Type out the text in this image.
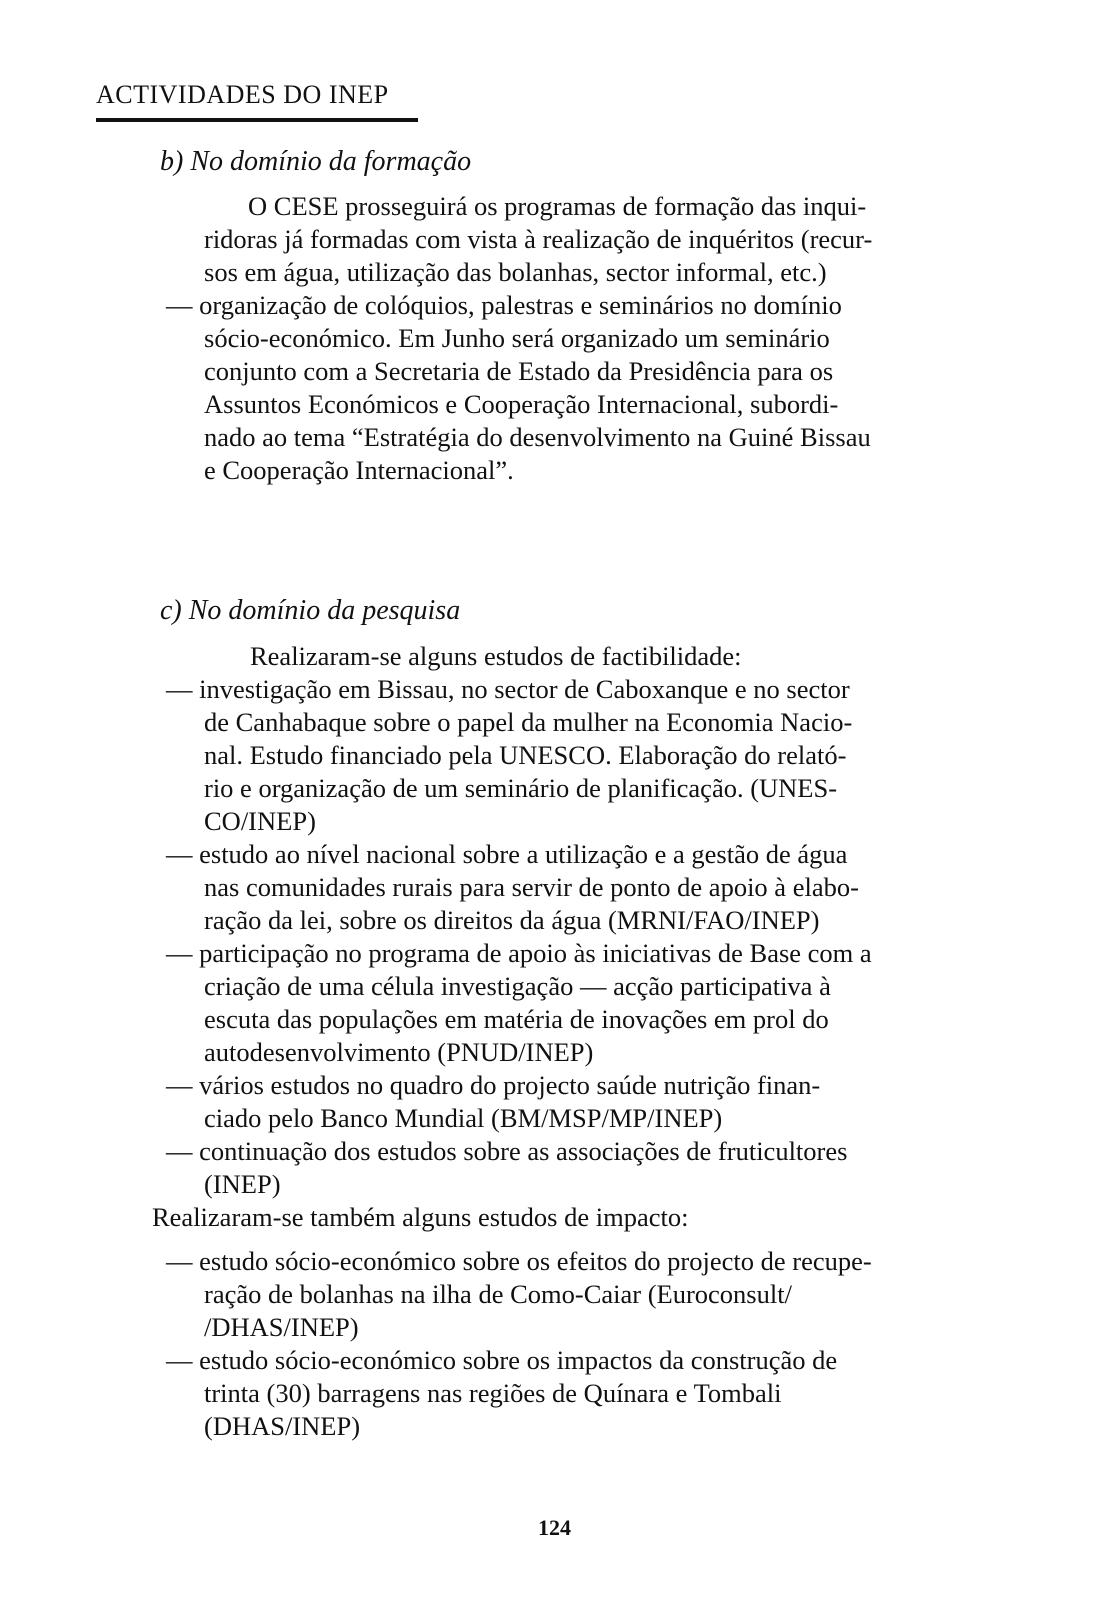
ACTIVIDADES DO INEP
b) No domínio da formação
O CESE prosseguirá os programas de formação das inqui-
ridoras já formadas com vista à realização de inquéritos (recur-
sos em água, utilização das bolanhas, sector informal, etc.)
— organização de colóquios, palestras e seminários no domínio
sócio-económico. Em Junho será organizado um seminário
conjunto com a Secretaria de Estado da Presidência para os
Assuntos Económicos e Cooperação Internacional, subordi-
nado ao tema “Estratégia do desenvolvimento na Guiné Bissau
e Cooperação Internacional”.
c) No domínio da pesquisa
Realizaram-se alguns estudos de factibilidade:
— investigação em Bissau, no sector de Caboxanque e no sector
de Canhabaque sobre o papel da mulher na Economia Nacio-
nal. Estudo financiado pela UNESCO. Elaboração do relató-
rio e organização de um seminário de planificação. (UNES-
CO/INEP)
— estudo ao nível nacional sobre a utilização e a gestão de água
nas comunidades rurais para servir de ponto de apoio à elabo-
ração da lei, sobre os direitos da água (MRNI/FAO/INEP)
— participação no programa de apoio às iniciativas de Base com a
criação de uma célula investigação — acção participativa à
escuta das populações em matéria de inovações em prol do
autodesenvolvimento (PNUD/INEP)
— vários estudos no quadro do projecto saúde nutrição finan-
ciado pelo Banco Mundial (BM/MSP/MP/INEP)
— continuação dos estudos sobre as associações de fruticultores
(INEP)
Realizaram-se também alguns estudos de impacto:
— estudo sócio-económico sobre os efeitos do projecto de recupe-
ração de bolanhas na ilha de Como-Caiar (Euroconsult/
/DHAS/INEP)
— estudo sócio-económico sobre os impactos da construção de
trinta (30) barragens nas regiões de Quínara e Tombali
(DHAS/INEP)
124
